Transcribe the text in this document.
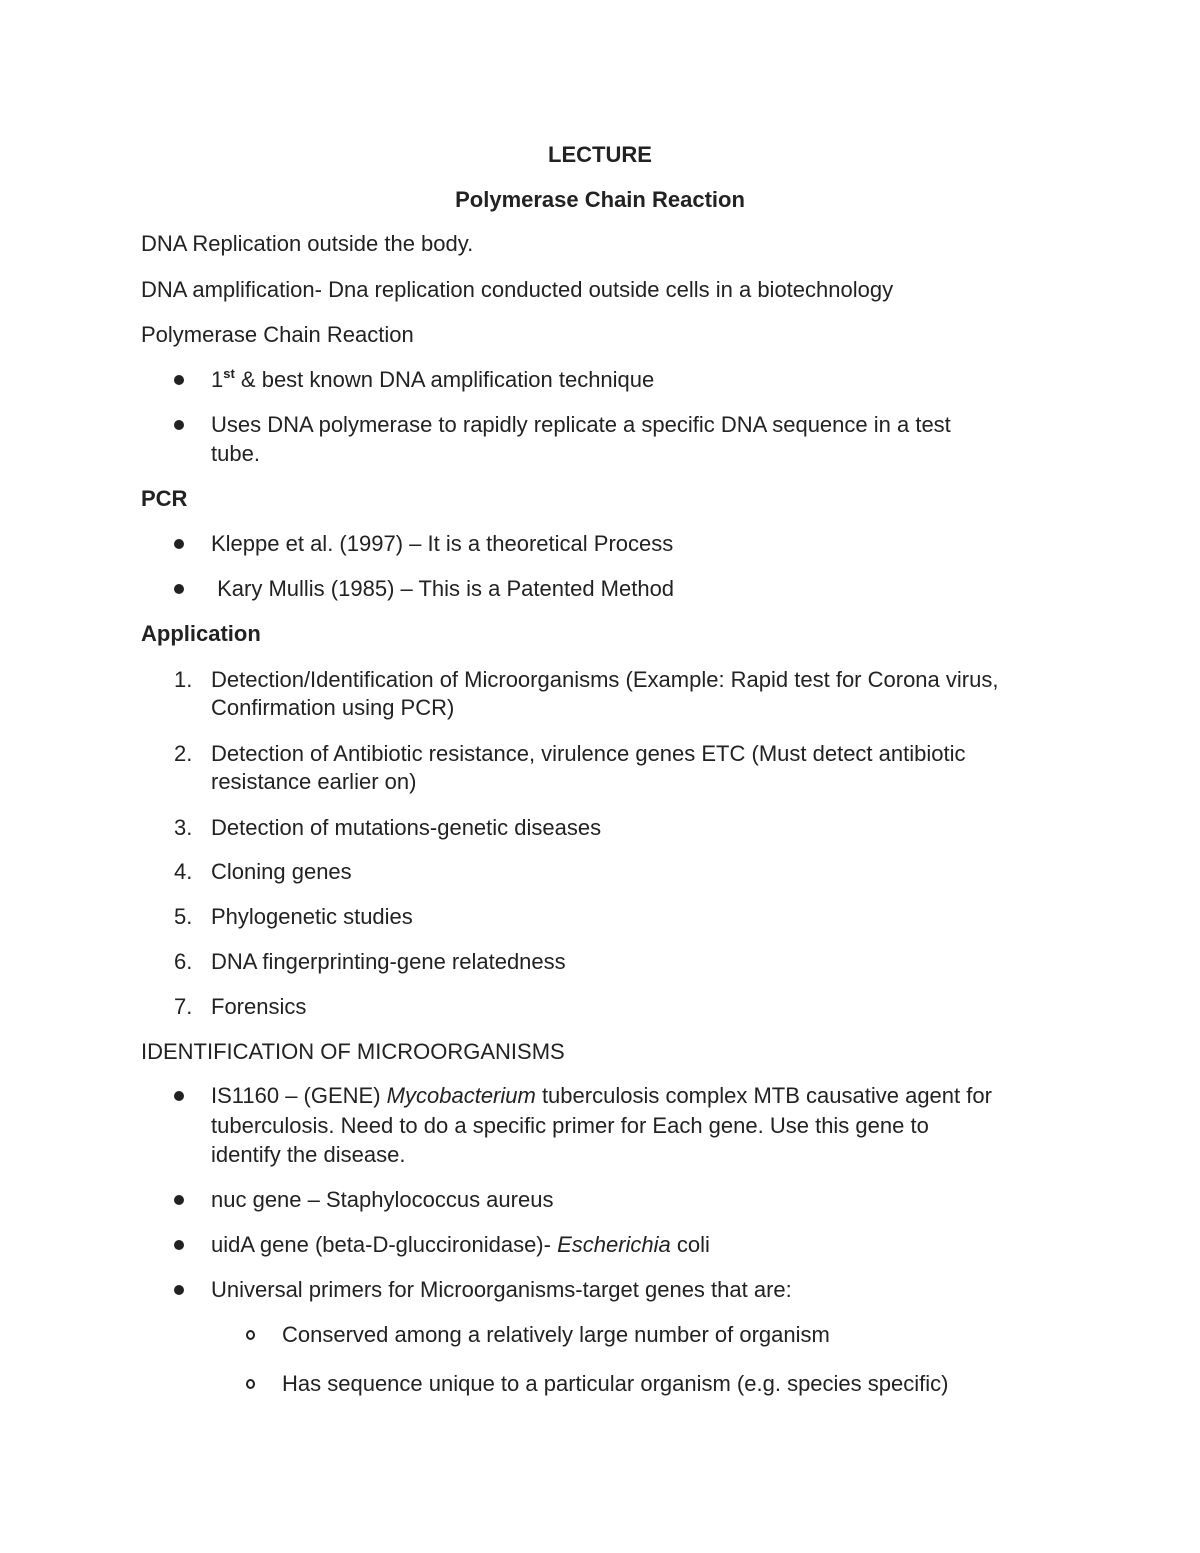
LECTURE
Polymerase Chain Reaction
DNA Replication outside the body.
DNA amplification- Dna replication conducted outside cells in a biotechnology
Polymerase Chain Reaction
1st & best known DNA amplification technique
Uses DNA polymerase to rapidly replicate a specific DNA sequence in a test
tube.
PCR
Kleppe et al. (1997) – It is a theoretical Process
Kary Mullis (1985) – This is a Patented Method
Application
1. Detection/Identification of Microorganisms (Example: Rapid test for Corona virus,
Confirmation using PCR)
2. Detection of Antibiotic resistance, virulence genes ETC (Must detect antibiotic
resistance earlier on)
3. Detection of mutations-genetic diseases
4. Cloning genes
5. Phylogenetic studies
6. DNA fingerprinting-gene relatedness
7. Forensics
IDENTIFICATION OF MICROORGANISMS
IS1160 – (GENE) Mycobacterium tuberculosis complex MTB causative agent for
tuberculosis. Need to do a specific primer for Each gene. Use this gene to
identify the disease.
nuc gene – Staphylococcus aureus
uidA gene (beta-D-gluccironidase)- Escherichia coli
Universal primers for Microorganisms-target genes that are:
Conserved among a relatively large number of organism
Has sequence unique to a particular organism (e.g. species specific)
